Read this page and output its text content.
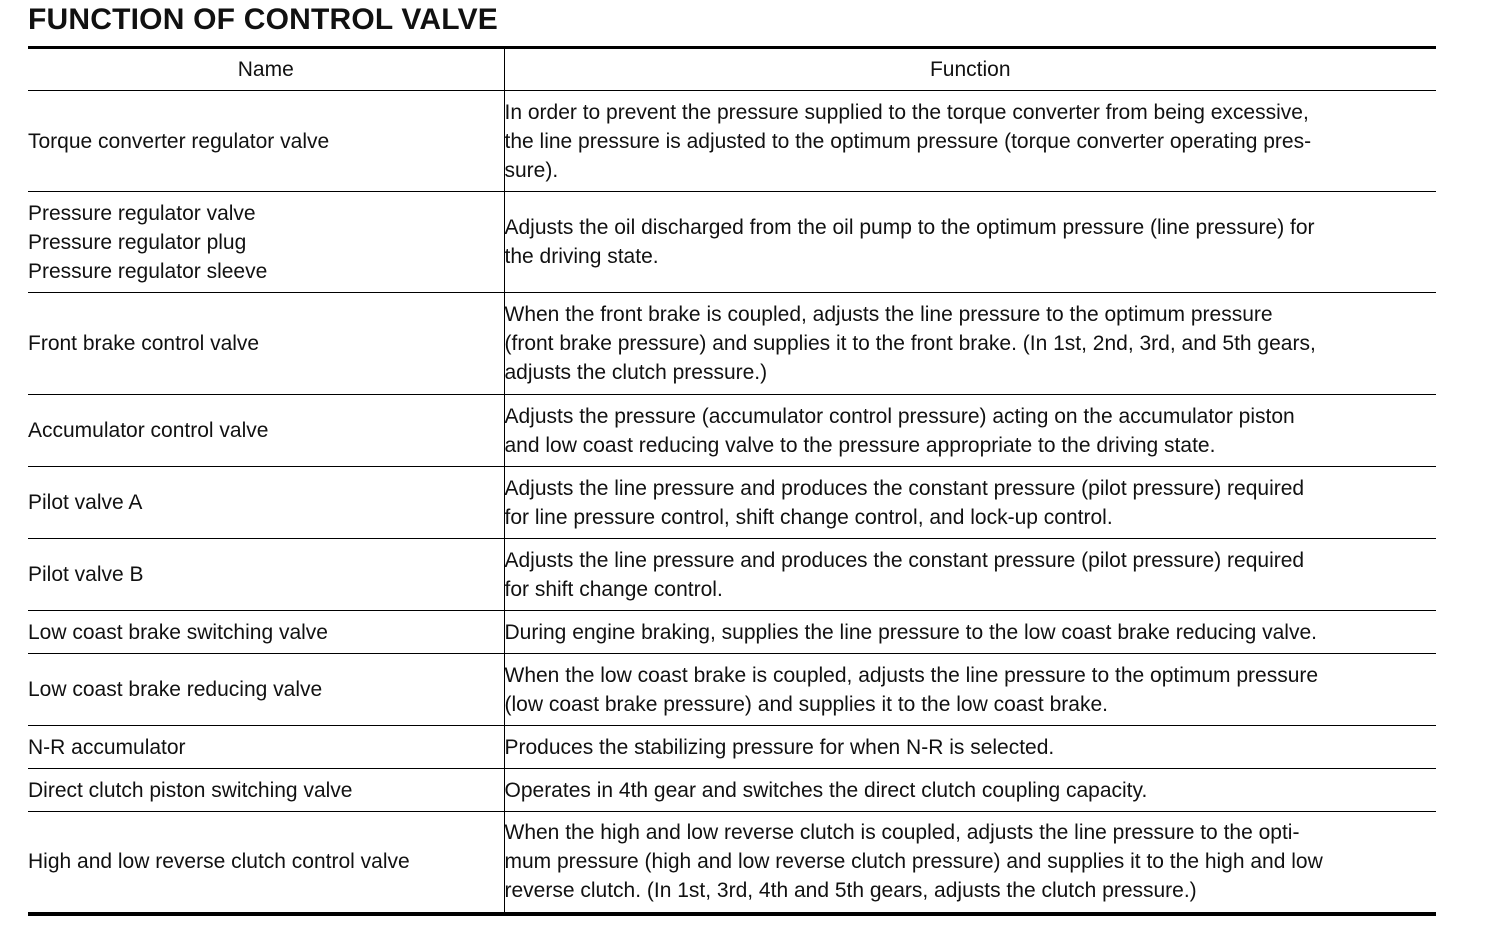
FUNCTION OF CONTROL VALVE
Name	Function

Torque converter regulator valve	In order to prevent the pressure supplied to the torque converter from being excessive,
the line pressure is adjusted to the optimum pressure (torque converter operating pres-
sure).

Pressure regulator valve
Pressure regulator plug
Pressure regulator sleeve	Adjusts the oil discharged from the oil pump to the optimum pressure (line pressure) for
the driving state.

Front brake control valve	When the front brake is coupled, adjusts the line pressure to the optimum pressure
(front brake pressure) and supplies it to the front brake. (In 1st, 2nd, 3rd, and 5th gears,
adjusts the clutch pressure.)

Accumulator control valve	Adjusts the pressure (accumulator control pressure) acting on the accumulator piston
and low coast reducing valve to the pressure appropriate to the driving state.

Pilot valve A	Adjusts the line pressure and produces the constant pressure (pilot pressure) required
for line pressure control, shift change control, and lock-up control.

Pilot valve B	Adjusts the line pressure and produces the constant pressure (pilot pressure) required
for shift change control.

Low coast brake switching valve	During engine braking, supplies the line pressure to the low coast brake reducing valve.

Low coast brake reducing valve	When the low coast brake is coupled, adjusts the line pressure to the optimum pressure
(low coast brake pressure) and supplies it to the low coast brake.

N-R accumulator	Produces the stabilizing pressure for when N-R is selected.

Direct clutch piston switching valve	Operates in 4th gear and switches the direct clutch coupling capacity.

High and low reverse clutch control valve	When the high and low reverse clutch is coupled, adjusts the line pressure to the opti-
mum pressure (high and low reverse clutch pressure) and supplies it to the high and low
reverse clutch. (In 1st, 3rd, 4th and 5th gears, adjusts the clutch pressure.)
